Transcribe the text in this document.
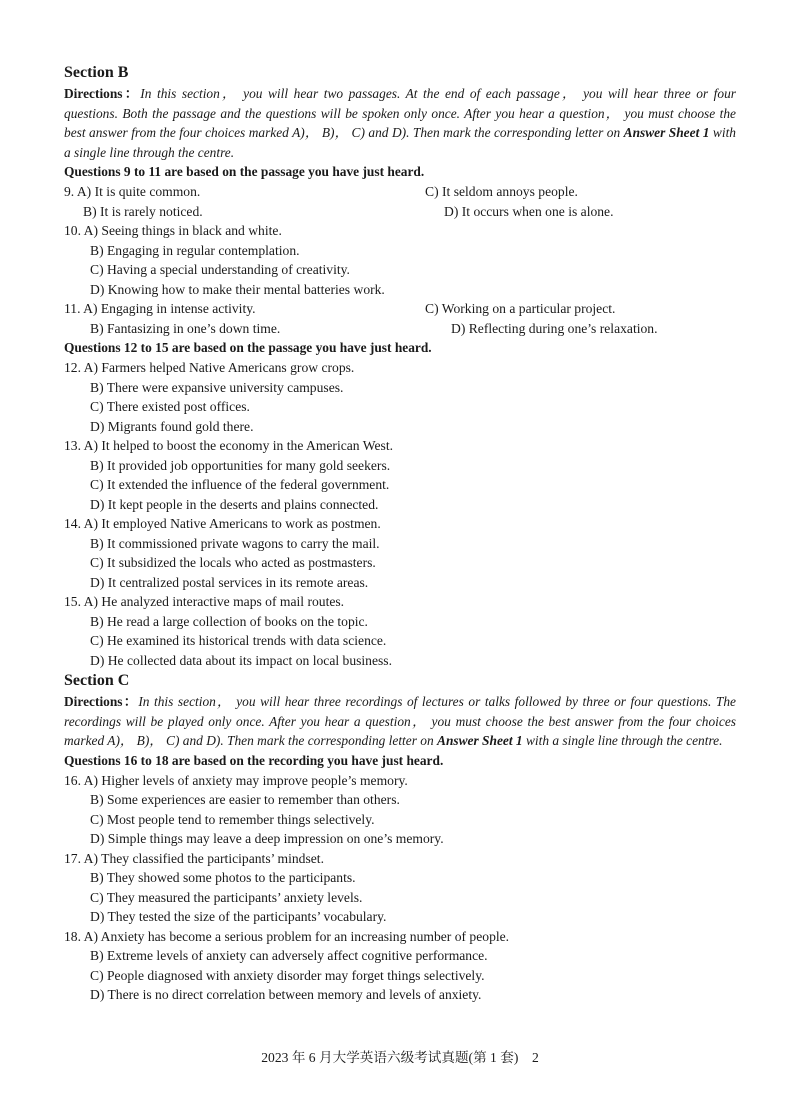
Section B

Directions：In this section， you will hear two passages. At the end of each passage， you will hear three or four questions. Both the passage and the questions will be spoken only once. After you hear a question， you must choose the best answer from the four choices marked A)， B)， C) and D). Then mark the corresponding letter on Answer Sheet 1 with a single line through the centre.

Questions 9 to 11 are based on the passage you have just heard.
9. A) It is quite common.	C) It seldom annoys people.
B) It is rarely noticed.	D) It occurs when one is alone.
10. A) Seeing things in black and white.
B) Engaging in regular contemplation.
C) Having a special understanding of creativity.
D) Knowing how to make their mental batteries work.
11. A) Engaging in intense activity.	C) Working on a particular project.
B) Fantasizing in one’s down time.	D) Reflecting during one’s relaxation.
Questions 12 to 15 are based on the passage you have just heard.
12. A) Farmers helped Native Americans grow crops.
B) There were expansive university campuses.
C) There existed post offices.
D) Migrants found gold there.
13. A) It helped to boost the economy in the American West.
B) It provided job opportunities for many gold seekers.
C) It extended the influence of the federal government.
D) It kept people in the deserts and plains connected.
14. A) It employed Native Americans to work as postmen.
B) It commissioned private wagons to carry the mail.
C) It subsidized the locals who acted as postmasters.
D) It centralized postal services in its remote areas.
15. A) He analyzed interactive maps of mail routes.
B) He read a large collection of books on the topic.
C) He examined its historical trends with data science.
D) He collected data about its impact on local business.
Section C

Directions：In this section， you will hear three recordings of lectures or talks followed by three or four questions. The recordings will be played only once. After you hear a question， you must choose the best answer from the four choices marked A)， B)， C) and D). Then mark the corresponding letter on Answer Sheet 1 with a single line through the centre.

Questions 16 to 18 are based on the recording you have just heard.
16. A) Higher levels of anxiety may improve people’s memory.
B) Some experiences are easier to remember than others.
C) Most people tend to remember things selectively.
D) Simple things may leave a deep impression on one’s memory.
17. A) They classified the participants’ mindset.
B) They showed some photos to the participants.
C) They measured the participants’ anxiety levels.
D) They tested the size of the participants’ vocabulary.
18. A) Anxiety has become a serious problem for an increasing number of people.
B) Extreme levels of anxiety can adversely affect cognitive performance.
C) People diagnosed with anxiety disorder may forget things selectively.
D) There is no direct correlation between memory and levels of anxiety.
2023 年 6 月大学英语六级考试真题(第 1 套)　2
